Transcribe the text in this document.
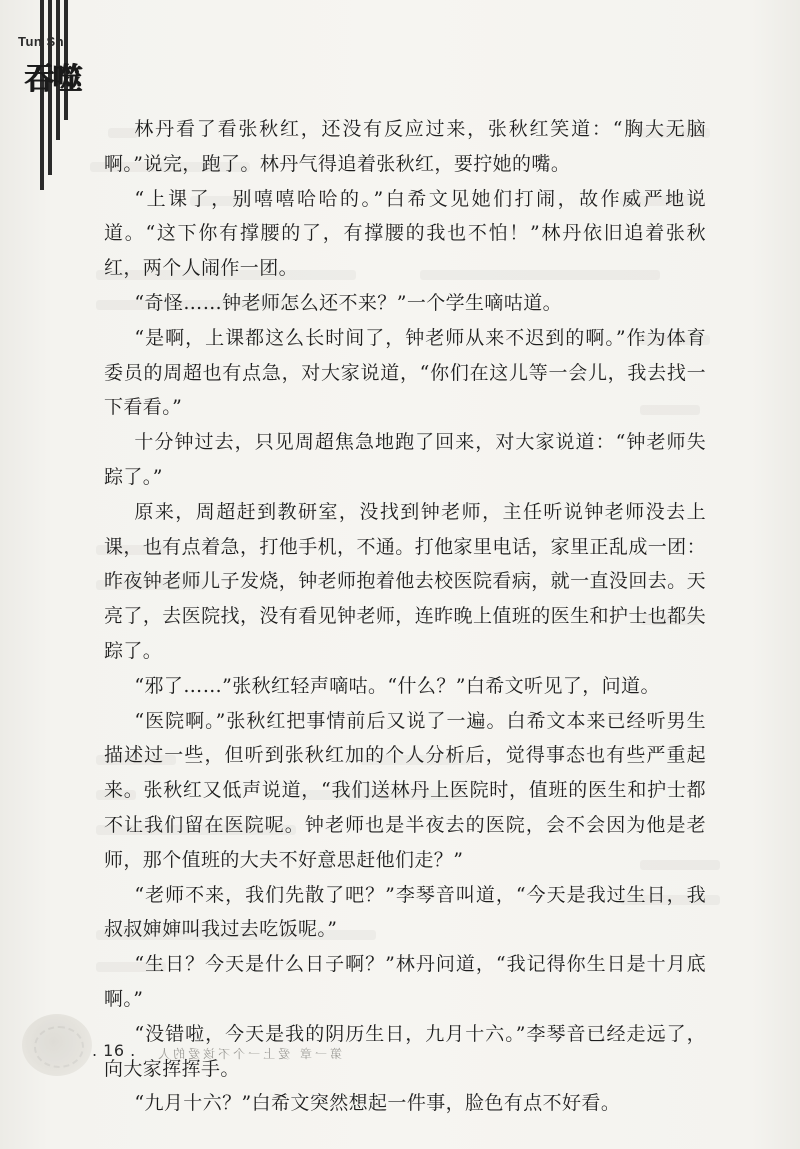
Tun Shi
吞噬

林丹看了看张秋红，还没有反应过来，张秋红笑道：“胸大无脑啊。”说完，跑了。林丹气得追着张秋红，要拧她的嘴。

“上课了，别嘻嘻哈哈的。”白希文见她们打闹，故作威严地说道。“这下你有撑腰的了，有撑腰的我也不怕！”林丹依旧追着张秋红，两个人闹作一团。

“奇怪……钟老师怎么还不来？”一个学生嘀咕道。

“是啊，上课都这么长时间了，钟老师从来不迟到的啊。”作为体育委员的周超也有点急，对大家说道，“你们在这儿等一会儿，我去找一下看看。”

十分钟过去，只见周超焦急地跑了回来，对大家说道：“钟老师失踪了。”

原来，周超赶到教研室，没找到钟老师，主任听说钟老师没去上课，也有点着急，打他手机，不通。打他家里电话，家里正乱成一团：昨夜钟老师儿子发烧，钟老师抱着他去校医院看病，就一直没回去。天亮了，去医院找，没有看见钟老师，连昨晚上值班的医生和护士也都失踪了。

“邪了……”张秋红轻声嘀咕。“什么？”白希文听见了，问道。

“医院啊。”张秋红把事情前后又说了一遍。白希文本来已经听男生描述过一些，但听到张秋红加的个人分析后，觉得事态也有些严重起来。张秋红又低声说道，“我们送林丹上医院时，值班的医生和护士都不让我们留在医院呢。钟老师也是半夜去的医院，会不会因为他是老师，那个值班的大夫不好意思赶他们走？”

“老师不来，我们先散了吧？”李琴音叫道，“今天是我过生日，我叔叔婶婶叫我过去吃饭呢。”

“生日？今天是什么日子啊？”林丹问道，“我记得你生日是十月底啊。”

“没错啦，今天是我的阴历生日，九月十六。”李琴音已经走远了，向大家挥挥手。

“九月十六？”白希文突然想起一件事，脸色有点不好看。

. 16 . 第一章 爱上一个不该爱的人
